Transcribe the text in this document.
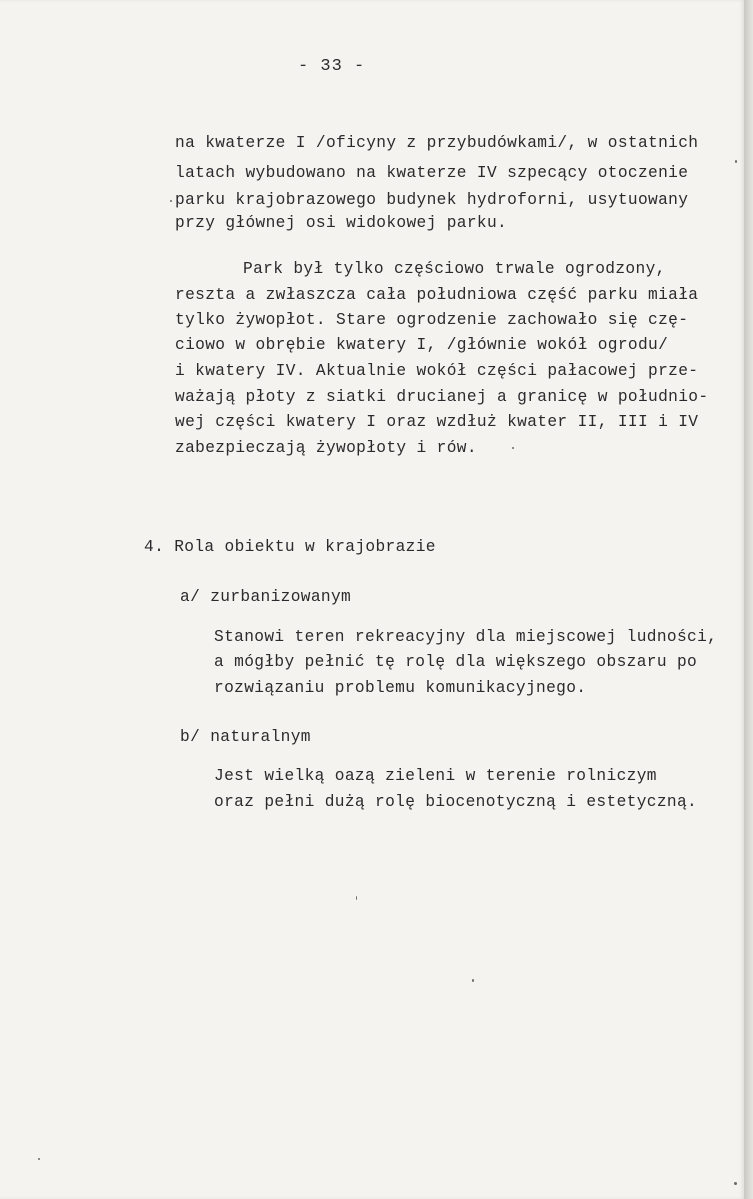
- 33 -
na kwaterze I /oficyny z przybudówkami/, w ostatnich
latach wybudowano na kwaterze IV szpecący otoczenie
parku krajobrazowego budynek hydroforni, usytuowany
przy głównej osi widokowej parku.
Park był tylko częściowo trwale ogrodzony,
reszta a zwłaszcza cała południowa część parku miała
tylko żywopłot. Stare ogrodzenie zachowało się czę-
ciowo w obrębie kwatery I, /głównie wokół ogrodu/
i kwatery IV. Aktualnie wokół części pałacowej prze-
ważają płoty z siatki drucianej a granicę w południo-
wej części kwatery I oraz wzdłuż kwater II, III i IV
zabezpieczają żywopłoty i rów.
4. Rola obiektu w krajobrazie
a/ zurbanizowanym
Stanowi teren rekreacyjny dla miejscowej ludności,
a mógłby pełnić tę rolę dla większego obszaru po
rozwiązaniu problemu komunikacyjnego.
b/ naturalnym
Jest wielką oazą zieleni w terenie rolniczym
oraz pełni dużą rolę biocenotyczną i estetyczną.
